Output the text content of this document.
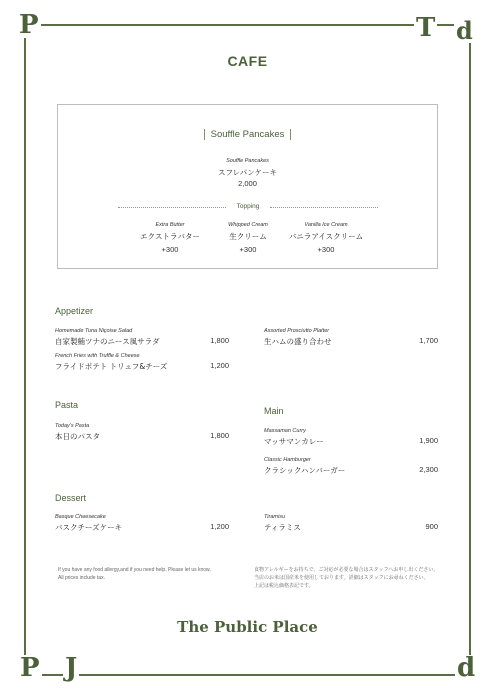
P	T d
P J	d
CAFE
Souffle Pancakes
Souffle Pancakes
スフレパンケーキ
2,000
Topping
Extra Butter
エクストラバター
+300
Whipped Cream
生クリーム
+300
Vanilla Ice Cream
バニラアイスクリーム
+300
Appetizer
Homemade Tuna Niçoise Salad
自家製鮪ツナのニース風サラダ	1,800
Assorted Prosciutto Platter
生ハムの盛り合わせ	1,700
French Fries with Truffle & Cheese
フライドポテト トリュフ&チーズ	1,200
Pasta
Today's Pasta
本日のパスタ	1,800
Main
Massaman Curry
マッサマンカレー	1,900
Classic Hamburger
クラシックハンバーガー	2,300
Dessert
Basque Cheesecake
バスクチーズケーキ	1,200
Tiramisu
ティラミス	900
If you have any food allergy,and if you need help, Please let us know.
All prices include tax.
食物アレルギーをお持ちで、ご対応が必要な場合はスタッフへお申し出ください。
当店のお米は国産米を使用しております。詳細はスタッフにお尋ねください。
上記は税込価格表記です。
The Public Place
